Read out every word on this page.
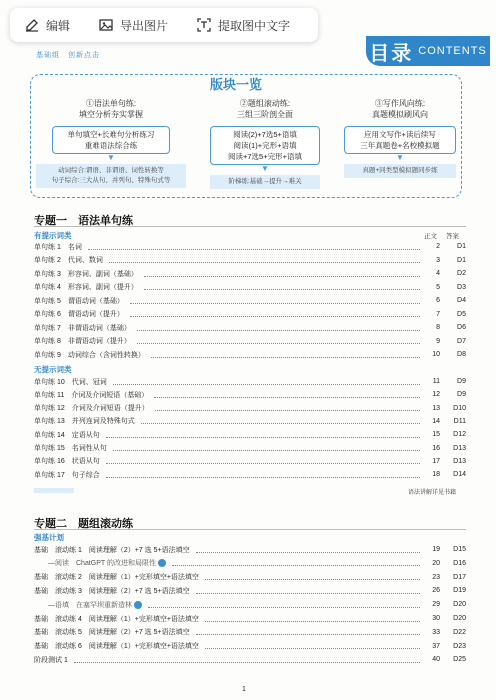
编辑	导出图片	提取图中文字
基础组　创新点击	目录 CONTENTS
版块一览
①语法单句练:
填空分析夯实掌握
单句填空+长难句分析练习
重难语法综合练
▼
动词综合:谓语、非谓语、词性转换等
句子综合:三大从句、并列句、特殊句式等
②题组滚动练:
三组三阶剖全面
阅读(2)+7选5+语填
阅读(1)+完形+语填
阅读+7选5+完形+语填
▼
阶梯练:基础→提升→难关
③写作风向练:
真题模拟刷风向
应用文写作+读后续写
三年真题卷+名校模拟题
▼
真题+同类型模拟题同步练
专题一　语法单句练
有提示词类	正文 答案
单句练 1　名词	2	D1
单句练 2　代词、数词	3	D1
单句练 3　形容词、副词（基础）	4	D2
单句练 4　形容词、副词（提升）	5	D3
单句练 5　谓语动词（基础）	6	D4
单句练 6　谓语动词（提升）	7	D5
单句练 7　非谓语动词（基础）	8	D6
单句练 8　非谓语动词（提升）	9	D7
单句练 9　动词综合（含词性转换）	10	D8
无提示词类
单句练 10　代词、冠词	11	D9
单句练 11　介词及介词短语（基础）	12	D9
单句练 12　介词及介词短语（提升）	13	D10
单句练 13　并列连词及特殊句式	14	D11
单句练 14　定语从句	15	D12
单句练 15　名词性从句	16	D13
单句练 16　状语从句	17	D13
单句练 17　句子综合	18	D14
语法讲解详见书籍
专题二　题组滚动练
强基计划
基础　滚动练 1　阅读理解（2）+7 选 5+语法填空	19	D15
　　—阅读　ChatGPT 的改进和局限性	20	D16
基础　滚动练 2　阅读理解（1）+完形填空+语法填空	23	D17
基础　滚动练 3　阅读理解（2）+7 选 5+语法填空	26	D19
　　—语填　在塞罕坝重新造林	29	D20
基础　滚动练 4　阅读理解（1）+完形填空+语法填空	30	D20
基础　滚动练 5　阅读理解（2）+7 选 5+语法填空	33	D22
基础　滚动练 6　阅读理解（1）+完形填空+语法填空	37	D23
阶段测试 1	40	D25
1
